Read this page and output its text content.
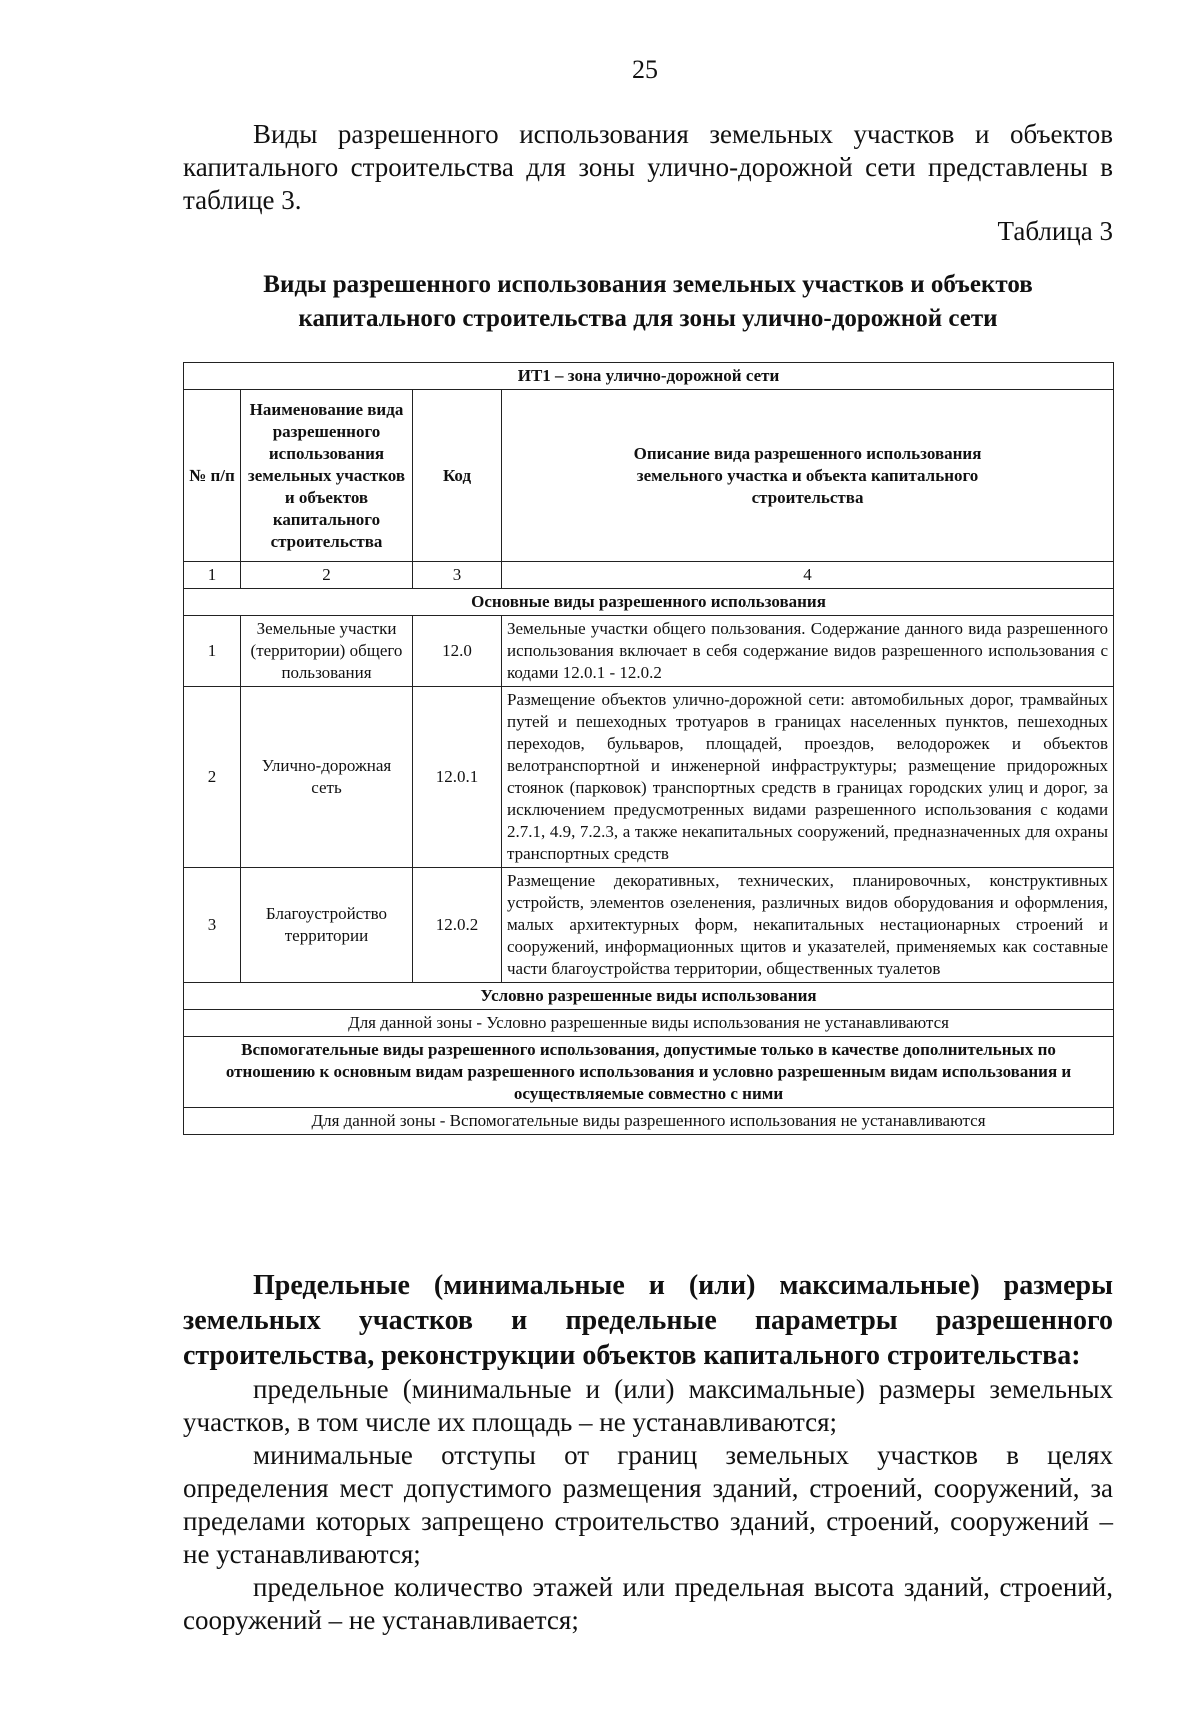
25

Виды разрешенного использования земельных участков и объектов капитального строительства для зоны улично-дорожной сети представлены в таблице 3.

Таблица 3

Виды разрешенного использования земельных участков и объектов капитального строительства для зоны улично-дорожной сети

ИТ1 – зона улично-дорожной сети			
№ п/п	Наименование вида разрешенного использования земельных участков и объектов капитального строительства	Код	Описание вида разрешенного использования земельного участка и объекта капитального строительства
1	2	3	4
Основные виды разрешенного использования			
1	Земельные участки (территории) общего пользования	12.0	Земельные участки общего пользования. Содержание данного вида разрешенного использования включает в себя содержание видов разрешенного использования с кодами 12.0.1 - 12.0.2
2	Улично-дорожная сеть	12.0.1	Размещение объектов улично-дорожной сети: автомобильных дорог, трамвайных путей и пешеходных тротуаров в границах населенных пунктов, пешеходных переходов, бульваров, площадей, проездов, велодорожек и объектов велотранспортной и инженерной инфраструктуры; размещение придорожных стоянок (парковок) транспортных средств в границах городских улиц и дорог, за исключением предусмотренных видами разрешенного использования с кодами 2.7.1, 4.9, 7.2.3, а также некапитальных сооружений, предназначенных для охраны транспортных средств
3	Благоустройство территории	12.0.2	Размещение декоративных, технических, планировочных, конструктивных устройств, элементов озеленения, различных видов оборудования и оформления, малых архитектурных форм, некапитальных нестационарных строений и сооружений, информационных щитов и указателей, применяемых как составные части благоустройства территории, общественных туалетов
Условно разрешенные виды использования			
Для данной зоны - Условно разрешенные виды использования не устанавливаются			
Вспомогательные виды разрешенного использования, допустимые только в качестве дополнительных по отношению к основным видам разрешенного использования и условно разрешенным видам использования и осуществляемые совместно с ними			
Для данной зоны - Вспомогательные виды разрешенного использования не устанавливаются			

Предельные (минимальные и (или) максимальные) размеры земельных участков и предельные параметры разрешенного строительства, реконструкции объектов капитального строительства:

предельные (минимальные и (или) максимальные) размеры земельных участков, в том числе их площадь – не устанавливаются;

минимальные отступы от границ земельных участков в целях определения мест допустимого размещения зданий, строений, сооружений, за пределами которых запрещено строительство зданий, строений, сооружений – не устанавливаются;

предельное количество этажей или предельная высота зданий, строений, сооружений – не устанавливается;
